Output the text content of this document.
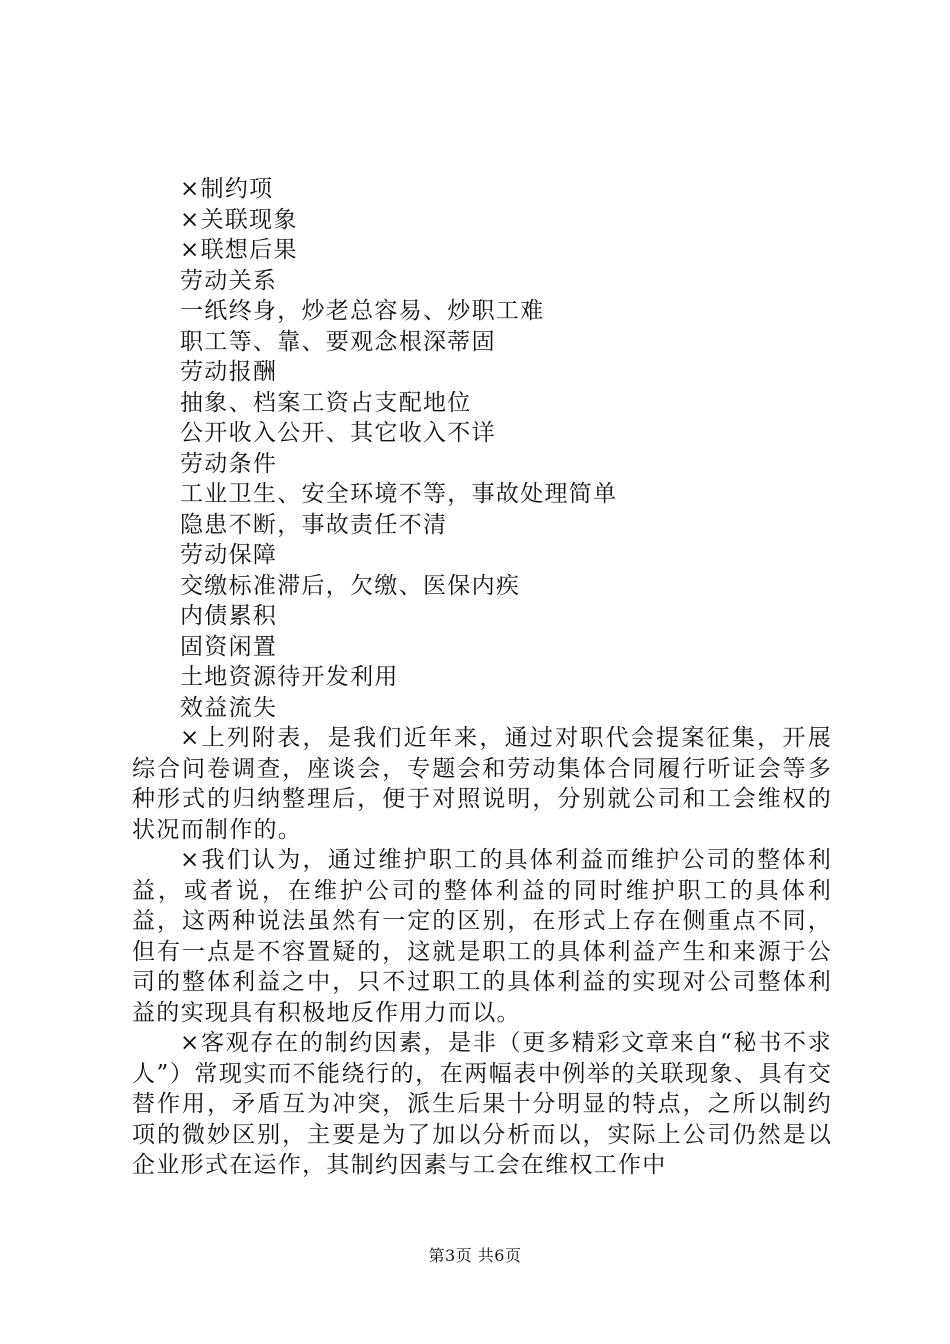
×制约项
×关联现象
×联想后果
劳动关系
一纸终身，炒老总容易、炒职工难
职工等、靠、要观念根深蒂固
劳动报酬
抽象、档案工资占支配地位
公开收入公开、其它收入不详
劳动条件
工业卫生、安全环境不等，事故处理简单
隐患不断，事故责任不清
劳动保障
交缴标准滞后，欠缴、医保内疾
内债累积
固资闲置
土地资源待开发利用
效益流失

×上列附表，是我们近年来，通过对职代会提案征集，开展综合问卷调查，座谈会，专题会和劳动集体合同履行听证会等多种形式的归纳整理后，便于对照说明，分别就公司和工会维权的状况而制作的。

×我们认为，通过维护职工的具体利益而维护公司的整体利益，或者说，在维护公司的整体利益的同时维护职工的具体利益，这两种说法虽然有一定的区别，在形式上存在侧重点不同，但有一点是不容置疑的，这就是职工的具体利益产生和来源于公司的整体利益之中，只不过职工的具体利益的实现对公司整体利益的实现具有积极地反作用力而以。

×客观存在的制约因素，是非（更多精彩文章来自“秘书不求人”）常现实而不能绕行的，在两幅表中例举的关联现象、具有交替作用，矛盾互为冲突，派生后果十分明显的特点，之所以制约项的微妙区别，主要是为了加以分析而以，实际上公司仍然是以企业形式在运作，其制约因素与工会在维权工作中

第3页 共6页
